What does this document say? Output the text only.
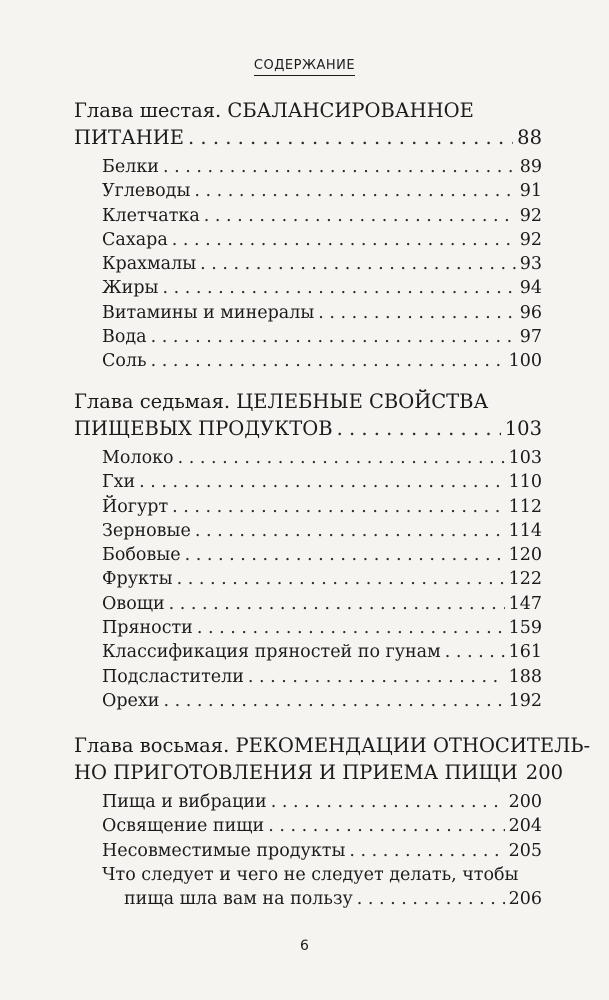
СОДЕРЖАНИЕ
Глава шестая. СБАЛАНСИРОВАННОЕ
ПИТАНИЕ . . .	88
Белки . . .	89
Углеводы . . .	91
Клетчатка . . .	92
Сахара . . .	92
Крахмалы . . .	93
Жиры . . .	94
Витамины и минералы . . .	96
Вода . . .	97
Соль . . .	100
Глава седьмая. ЦЕЛЕБНЫЕ СВОЙСТВА
ПИЩЕВЫХ ПРОДУКТОВ . . .	103
Молоко . . .	103
Гхи . . .	110
Йогурт . . .	112
Зерновые . . .	114
Бобовые . . .	120
Фрукты . . .	122
Овощи . . .	147
Пряности . . .	159
Классификация пряностей по гунам . . .	161
Подсластители . . .	188
Орехи . . .	192
Глава восьмая. РЕКОМЕНДАЦИИ ОТНОСИТЕЛЬ-
НО ПРИГОТОВЛЕНИЯ И ПРИЕМА ПИЩИ 200
Пища и вибрации . . .	200
Освящение пищи . . .	204
Несовместимые продукты . . .	205
Что следует и чего не следует делать, чтобы
пища шла вам на пользу . . .	206
6
